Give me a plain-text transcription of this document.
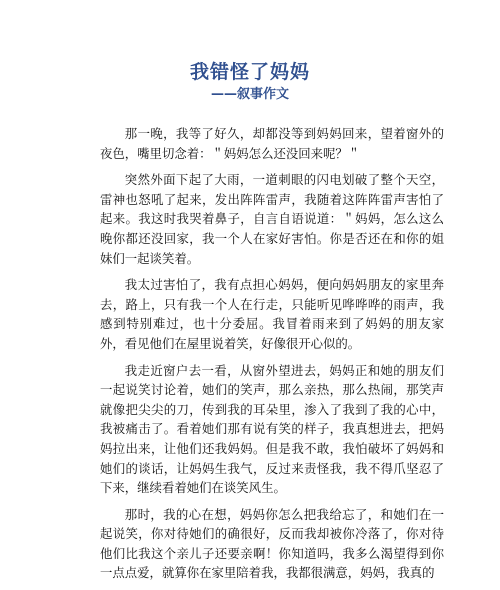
我错怪了妈妈
——叙事作文

那一晚，我等了好久，却都没等到妈妈回来，望着窗外的夜色，嘴里切念着：＂妈妈怎么还没回来呢？＂

突然外面下起了大雨，一道刺眼的闪电划破了整个天空，雷神也怒吼了起来，发出阵阵雷声，我随着这阵阵雷声害怕了起来。我这时我哭着鼻子，自言自语说道：＂妈妈，怎么这么晚你都还没回家，我一个人在家好害怕。你是否还在和你的姐妹们一起谈笑着。

我太过害怕了，我有点担心妈妈，便向妈妈朋友的家里奔去，路上，只有我一个人在行走，只能听见哗哗哗的雨声，我感到特别难过，也十分委屈。我冒着雨来到了妈妈的朋友家外，看见他们在屋里说着笑，好像很开心似的。

我走近窗户去一看，从窗外望进去，妈妈正和她的朋友们一起说笑讨论着，她们的笑声，那么亲热，那么热闹，那笑声就像把尖尖的刀，传到我的耳朵里，渗入了我到了我的心中，我被痛击了。看着她们那有说有笑的样子，我真想进去，把妈妈拉出来，让他们还我妈妈。但是我不敢，我怕破坏了妈妈和她们的谈话，让妈妈生我气，反过来责怪我，我不得爪坚忍了下来，继续看着她们在谈笑风生。

那时，我的心在想，妈妈你怎么把我给忘了，和她们在一起说笑，你对待她们的确很好，反而我却被你冷落了，你对待他们比我这个亲儿子还要亲啊！你知道吗，我多么渴望得到你一点点爱，就算你在家里陪着我，我都很满意，妈妈，我真的
